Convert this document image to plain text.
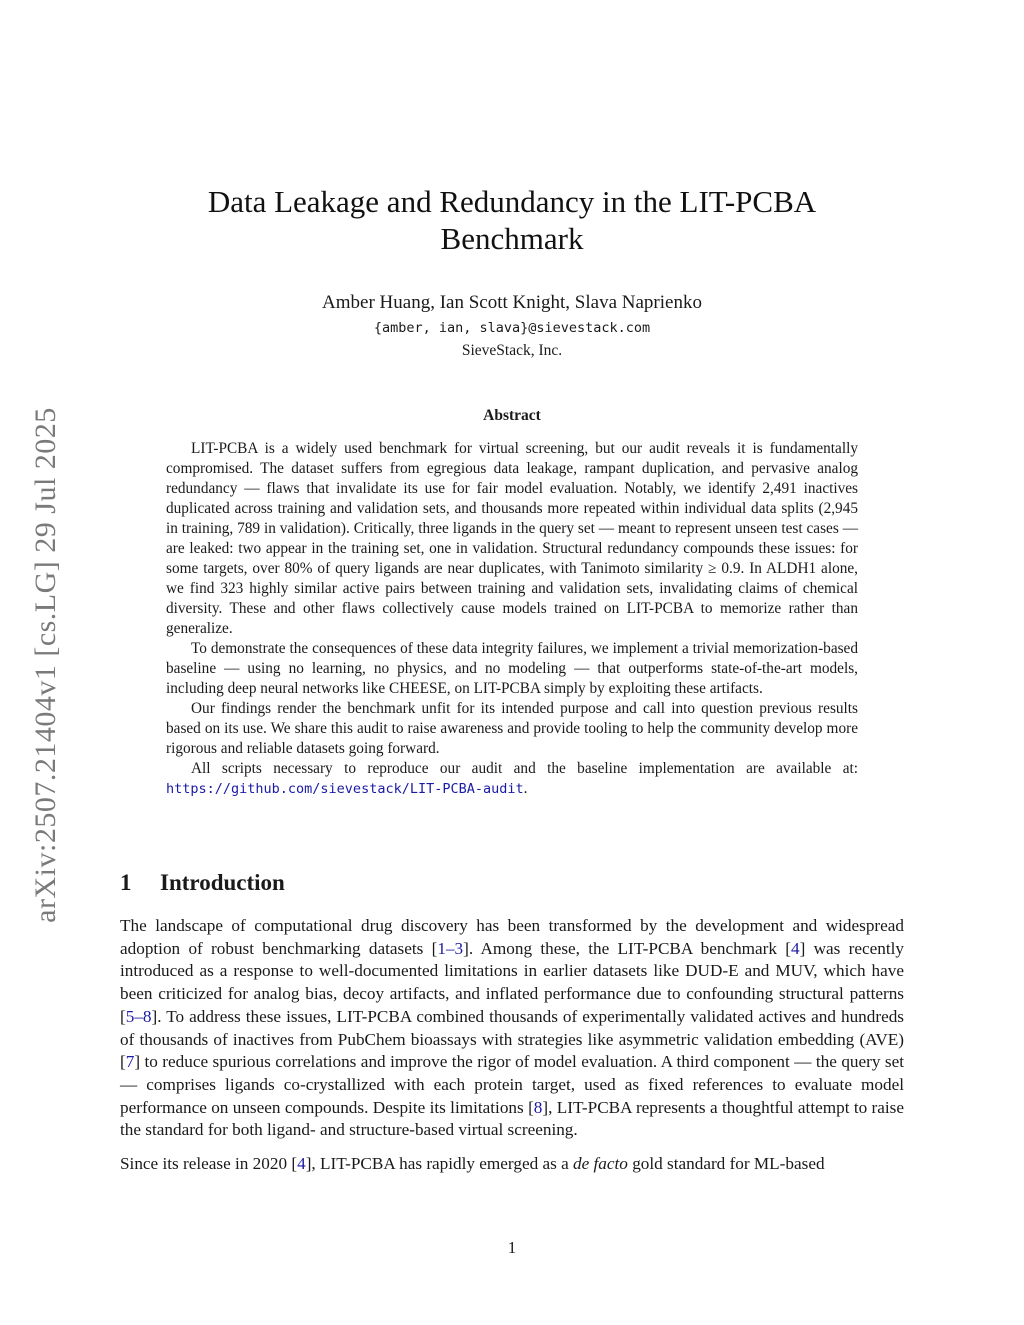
arXiv:2507.21404v1 [cs.LG] 29 Jul 2025
Data Leakage and Redundancy in the LIT-PCBA
Benchmark
Amber Huang, Ian Scott Knight, Slava Naprienko
{amber, ian, slava}@sievestack.com
SieveStack, Inc.
Abstract

LIT-PCBA is a widely used benchmark for virtual screening, but our audit reveals it is fundamentally compromised. The dataset suffers from egregious data leakage, rampant duplication, and pervasive analog redundancy — flaws that invalidate its use for fair model evaluation. Notably, we identify 2,491 inactives duplicated across training and validation sets, and thousands more repeated within individual data splits (2,945 in training, 789 in validation). Critically, three ligands in the query set — meant to represent unseen test cases — are leaked: two appear in the training set, one in validation. Structural redundancy compounds these issues: for some targets, over 80% of query ligands are near duplicates, with Tanimoto similarity ≥ 0.9. In ALDH1 alone, we find 323 highly similar active pairs between training and validation sets, invalidating claims of chemical diversity. These and other flaws collectively cause models trained on LIT-PCBA to memorize rather than generalize.

To demonstrate the consequences of these data integrity failures, we implement a trivial memorization-based baseline — using no learning, no physics, and no modeling — that outperforms state-of-the-art models, including deep neural networks like CHEESE, on LIT-PCBA simply by exploiting these artifacts.

Our findings render the benchmark unfit for its intended purpose and call into question previous results based on its use. We share this audit to raise awareness and provide tooling to help the community develop more rigorous and reliable datasets going forward.

All scripts necessary to reproduce our audit and the baseline implementation are available at: https://github.com/sievestack/LIT-PCBA-audit.

1 Introduction

The landscape of computational drug discovery has been transformed by the development and widespread adoption of robust benchmarking datasets [1–3]. Among these, the LIT-PCBA benchmark [4] was recently introduced as a response to well-documented limitations in earlier datasets like DUD-E and MUV, which have been criticized for analog bias, decoy artifacts, and inflated performance due to confounding structural patterns [5–8]. To address these issues, LIT-PCBA combined thousands of experimentally validated actives and hundreds of thousands of inactives from PubChem bioassays with strategies like asymmetric validation embedding (AVE) [7] to reduce spurious correlations and improve the rigor of model evaluation. A third component — the query set — comprises ligands co-crystallized with each protein target, used as fixed references to evaluate model performance on unseen compounds. Despite its limitations [8], LIT-PCBA represents a thoughtful attempt to raise the standard for both ligand- and structure-based virtual screening.

Since its release in 2020 [4], LIT-PCBA has rapidly emerged as a de facto gold standard for ML-based

1
